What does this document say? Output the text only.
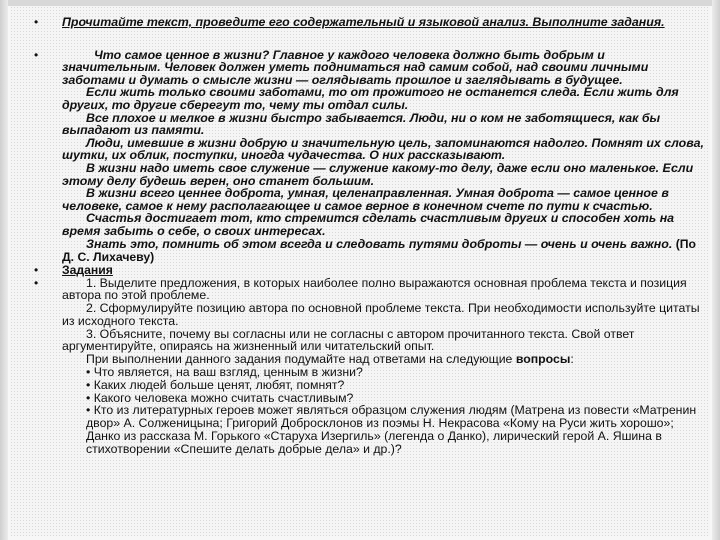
• Прочитайте текст, проведите его содержательный и языковой анализ. Выполните задания.

•	Что самое ценное в жизни? Главное у каждого человека должно быть добрым и значительным. Человек должен уметь подниматься над самим собой, над своими личными заботами и думать о смысле жизни — оглядывать прошлое и заглядывать в будущее.

Если жить только своими заботами, то от прожитого не останется следа. Если жить для других, то другие сберегут то, чему ты отдал силы.

Все плохое и мелкое в жизни быстро забывается. Люди, ни о ком не заботящиеся, как бы выпадают из памяти.

Люди, имевшие в жизни добрую и значительную цель, запоминаются надолго. Помнят их слова, шутки, их облик, поступки, иногда чудачества. О них рассказывают.

В жизни надо иметь свое служение — служение какому-то делу, даже если оно маленькое. Если этому делу будешь верен, оно станет большим.

В жизни всего ценнее доброта, умная, целенаправленная. Умная доброта — самое ценное в человеке, самое к нему располагающее и самое верное в конечном счете по пути к счастью.

Счастья достигает тот, кто стремится сделать счастливым других и способен хоть на время забыть о себе, о своих интересах.

Знать это, помнить об этом всегда и следовать путями доброты — очень и очень важно. (По Д. С. Лихачеву)

• Задания

•	1. Выделите предложения, в которых наиболее полно выражаются основная проблема текста и позиция автора по этой проблеме.

2. Сформулируйте позицию автора по основной проблеме текста. При необходимости используйте цитаты из исходного текста.

3. Объясните, почему вы согласны или не согласны с автором прочитанного текста. Свой ответ аргументируйте, опираясь на жизненный или читательский опыт.

При выполнении данного задания подумайте над ответами на следующие вопросы:

• Что является, на ваш взгляд, ценным в жизни?

• Каких людей больше ценят, любят, помнят?

• Какого человека можно считать счастливым?

• Кто из литературных героев может являться образцом служения людям (Матрена из повести «Матренин двор» А. Солженицына; Григорий Добросклонов из поэмы Н. Некрасова «Кому на Руси жить хорошо»; Данко из рассказа М. Горького «Старуха Изергиль» (легенда о Данко), лирический герой А. Яшина в стихотворении «Спешите делать добрые дела» и др.)?
